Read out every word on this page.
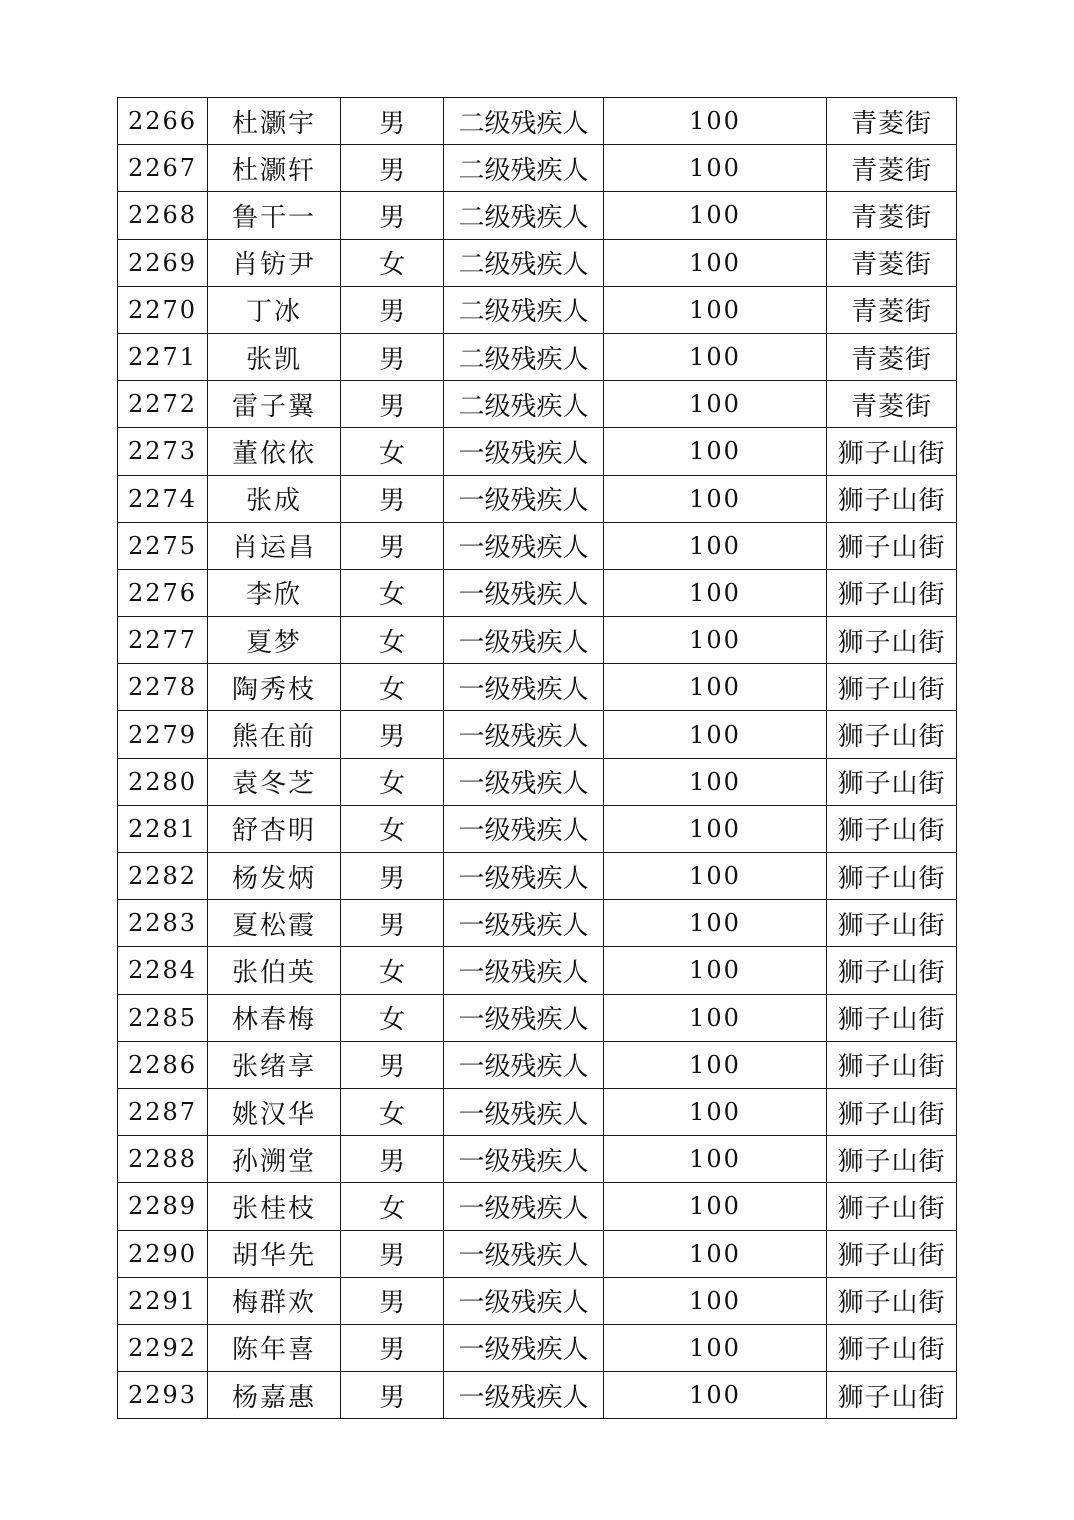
2266	杜灏宇	男	二级残疾人	100	青菱街
2267	杜灏轩	男	二级残疾人	100	青菱街
2268	鲁干一	男	二级残疾人	100	青菱街
2269	肖钫尹	女	二级残疾人	100	青菱街
2270	丁冰	男	二级残疾人	100	青菱街
2271	张凯	男	二级残疾人	100	青菱街
2272	雷子翼	男	二级残疾人	100	青菱街
2273	董依依	女	一级残疾人	100	狮子山街
2274	张成	男	一级残疾人	100	狮子山街
2275	肖运昌	男	一级残疾人	100	狮子山街
2276	李欣	女	一级残疾人	100	狮子山街
2277	夏梦	女	一级残疾人	100	狮子山街
2278	陶秀枝	女	一级残疾人	100	狮子山街
2279	熊在前	男	一级残疾人	100	狮子山街
2280	袁冬芝	女	一级残疾人	100	狮子山街
2281	舒杏明	女	一级残疾人	100	狮子山街
2282	杨发炳	男	一级残疾人	100	狮子山街
2283	夏松霞	男	一级残疾人	100	狮子山街
2284	张伯英	女	一级残疾人	100	狮子山街
2285	林春梅	女	一级残疾人	100	狮子山街
2286	张绪享	男	一级残疾人	100	狮子山街
2287	姚汉华	女	一级残疾人	100	狮子山街
2288	孙溯堂	男	一级残疾人	100	狮子山街
2289	张桂枝	女	一级残疾人	100	狮子山街
2290	胡华先	男	一级残疾人	100	狮子山街
2291	梅群欢	男	一级残疾人	100	狮子山街
2292	陈年喜	男	一级残疾人	100	狮子山街
2293	杨嘉惠	男	一级残疾人	100	狮子山街
